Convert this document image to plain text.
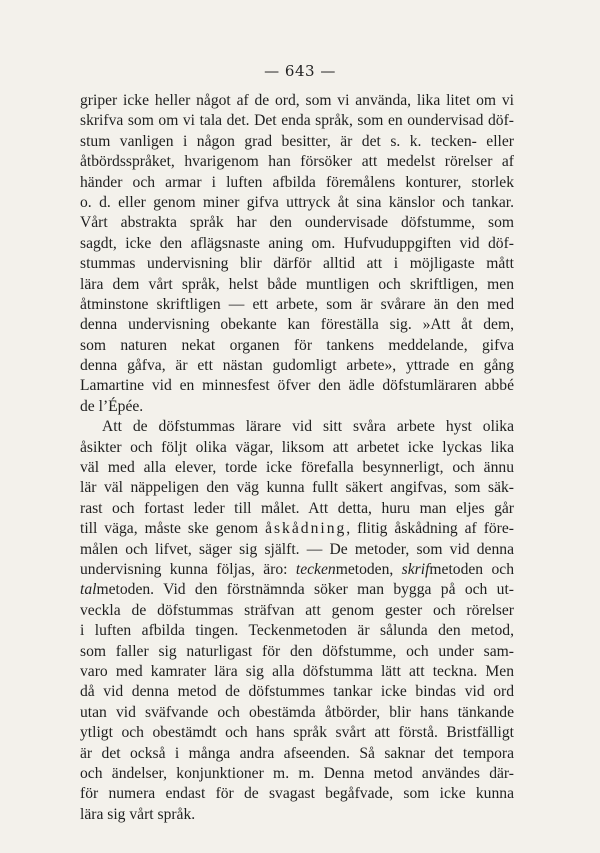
— 643 —
griper icke heller något af de ord, som vi använda, lika litet om vi
skrifva som om vi tala det. Det enda språk, som en oundervisad döf-
stum vanligen i någon grad besitter, är det s. k. tecken- eller
åtbördsspråket, hvarigenom han försöker att medelst rörelser af
händer och armar i luften afbilda föremålens konturer, storlek
o. d. eller genom miner gifva uttryck åt sina känslor och tankar.
Vårt abstrakta språk har den oundervisade döfstumme, som
sagdt, icke den aflägsnaste aning om. Hufvuduppgiften vid döf-
stummas undervisning blir därför alltid att i möjligaste mått
lära dem vårt språk, helst både muntligen och skriftligen, men
åtminstone skriftligen — ett arbete, som är svårare än den med
denna undervisning obekante kan föreställa sig. »Att åt dem,
som naturen nekat organen för tankens meddelande, gifva
denna gåfva, är ett nästan gudomligt arbete», yttrade en gång
Lamartine vid en minnesfest öfver den ädle döfstumläraren abbé
de l’Épée.
Att de döfstummas lärare vid sitt svåra arbete hyst olika
åsikter och följt olika vägar, liksom att arbetet icke lyckas lika
väl med alla elever, torde icke förefalla besynnerligt, och ännu
lär väl näppeligen den väg kunna fullt säkert angifvas, som säk-
rast och fortast leder till målet. Att detta, huru man eljes går
till väga, måste ske genom åskådning, flitig åskådning af före-
målen och lifvet, säger sig själft. — De metoder, som vid denna
undervisning kunna följas, äro: teckenmetoden, skrifmetoden och
talmetoden. Vid den förstnämnda söker man bygga på och ut-
veckla de döfstummas sträfvan att genom gester och rörelser
i luften afbilda tingen. Teckenmetoden är sålunda den metod,
som faller sig naturligast för den döfstumme, och under sam-
varo med kamrater lära sig alla döfstumma lätt att teckna. Men
då vid denna metod de döfstummes tankar icke bindas vid ord
utan vid sväfvande och obestämda åtbörder, blir hans tänkande
ytligt och obestämdt och hans språk svårt att förstå. Bristfälligt
är det också i många andra afseenden. Så saknar det tempora
och ändelser, konjunktioner m. m. Denna metod användes där-
för numera endast för de svagast begåfvade, som icke kunna
lära sig vårt språk.
